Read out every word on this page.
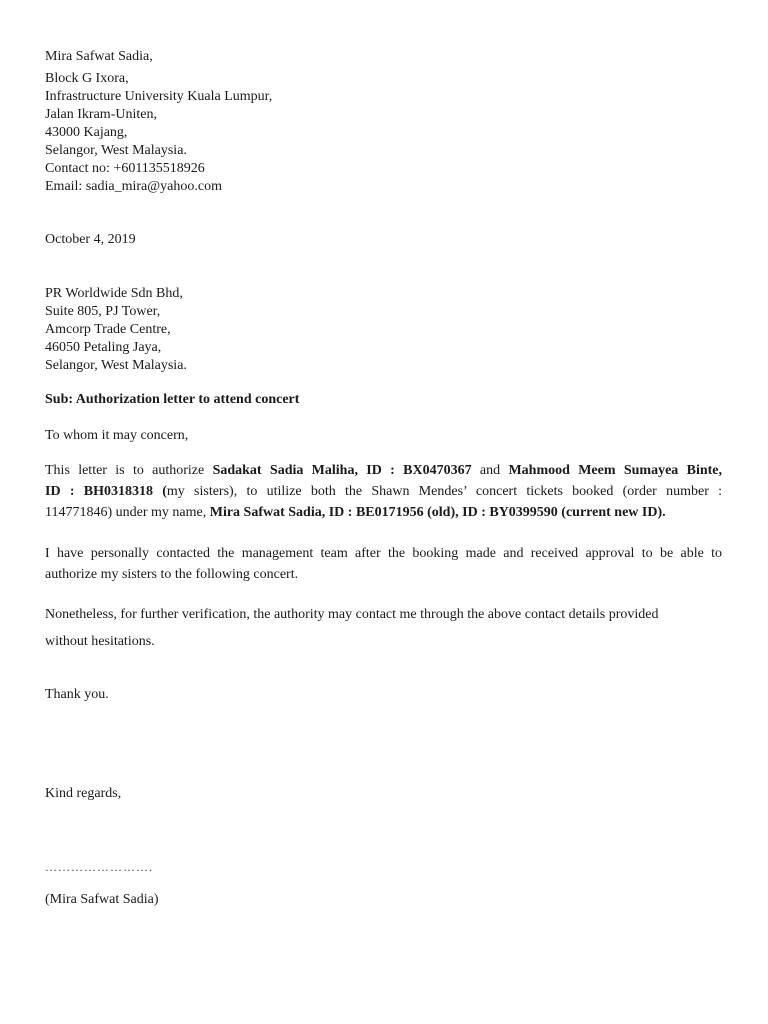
Mira Safwat Sadia,
Block G Ixora,
Infrastructure University Kuala Lumpur,
Jalan Ikram-Uniten,
43000 Kajang,
Selangor, West Malaysia.
Contact no: +601135518926
Email: sadia_mira@yahoo.com
October 4, 2019
PR Worldwide Sdn Bhd,
Suite 805, PJ Tower,
Amcorp Trade Centre,
46050 Petaling Jaya,
Selangor, West Malaysia.
Sub: Authorization letter to attend concert
To whom it may concern,
This letter is to authorize Sadakat Sadia Maliha, ID : BX0470367 and Mahmood Meem Sumayea Binte,
ID : BH0318318 (my sisters), to utilize both the Shawn Mendes’ concert tickets booked (order number :
114771846) under my name, Mira Safwat Sadia, ID : BE0171956 (old), ID : BY0399590 (current new ID).
I have personally contacted the management team after the booking made and received approval to be able to
authorize my sisters to the following concert.
Nonetheless, for further verification, the authority may contact me through the above contact details provided
without hesitations.
Thank you.
Kind regards,
…………………….
(Mira Safwat Sadia)
